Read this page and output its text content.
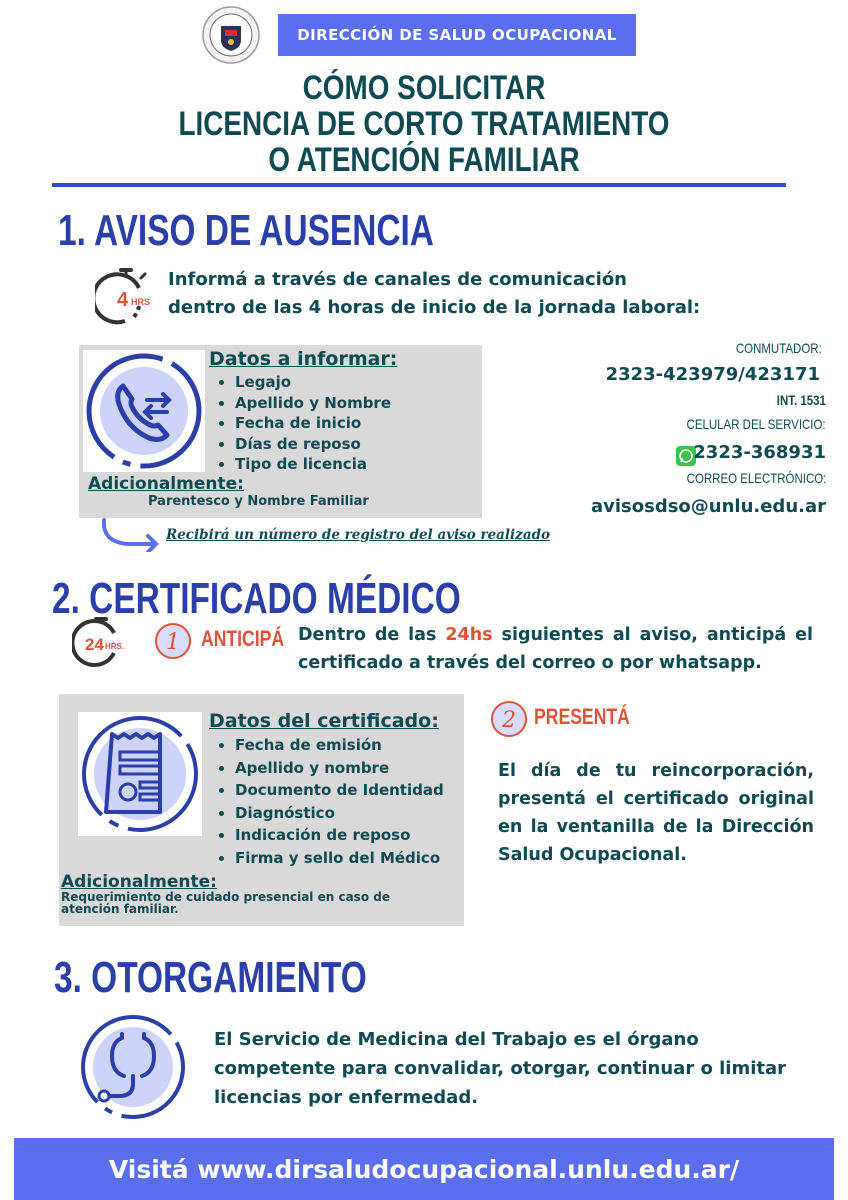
DIRECCIÓN DE SALUD OCUPACIONAL
CÓMO SOLICITAR
LICENCIA DE CORTO TRATAMIENTO
O ATENCIÓN FAMILIAR
1. AVISO DE AUSENCIA
4 HRS
Informá a través de canales de comunicación
dentro de las 4 horas de inicio de la jornada laboral:
Datos a informar:
• Legajo
• Apellido y Nombre
• Fecha de inicio
• Días de reposo
• Tipo de licencia
Adicionalmente:
Parentesco y Nombre Familiar
Recibirá un número de registro del aviso realizado
CONMUTADOR:
2323-423979/423171
INT. 1531
CELULAR DEL SERVICIO:
2323-368931
CORREO ELECTRÓNICO:
avisosdso@unlu.edu.ar
2. CERTIFICADO MÉDICO
24 HRS. 1 ANTICIPÁ Dentro de las 24hs siguientes al aviso, anticipá el certificado a través del correo o por whatsapp.
Datos del certificado:
• Fecha de emisión
• Apellido y nombre
• Documento de Identidad
• Diagnóstico
• Indicación de reposo
• Firma y sello del Médico
Adicionalmente:
Requerimiento de cuidado presencial en caso de atención familiar.
2 PRESENTÁ
El día de tu reincorporación, presentá el certificado original en la ventanilla de la Dirección Salud Ocupacional.
3. OTORGAMIENTO
El Servicio de Medicina del Trabajo es el órgano competente para convalidar, otorgar, continuar o limitar licencias por enfermedad.
Visitá www.dirsaludocupacional.unlu.edu.ar/
